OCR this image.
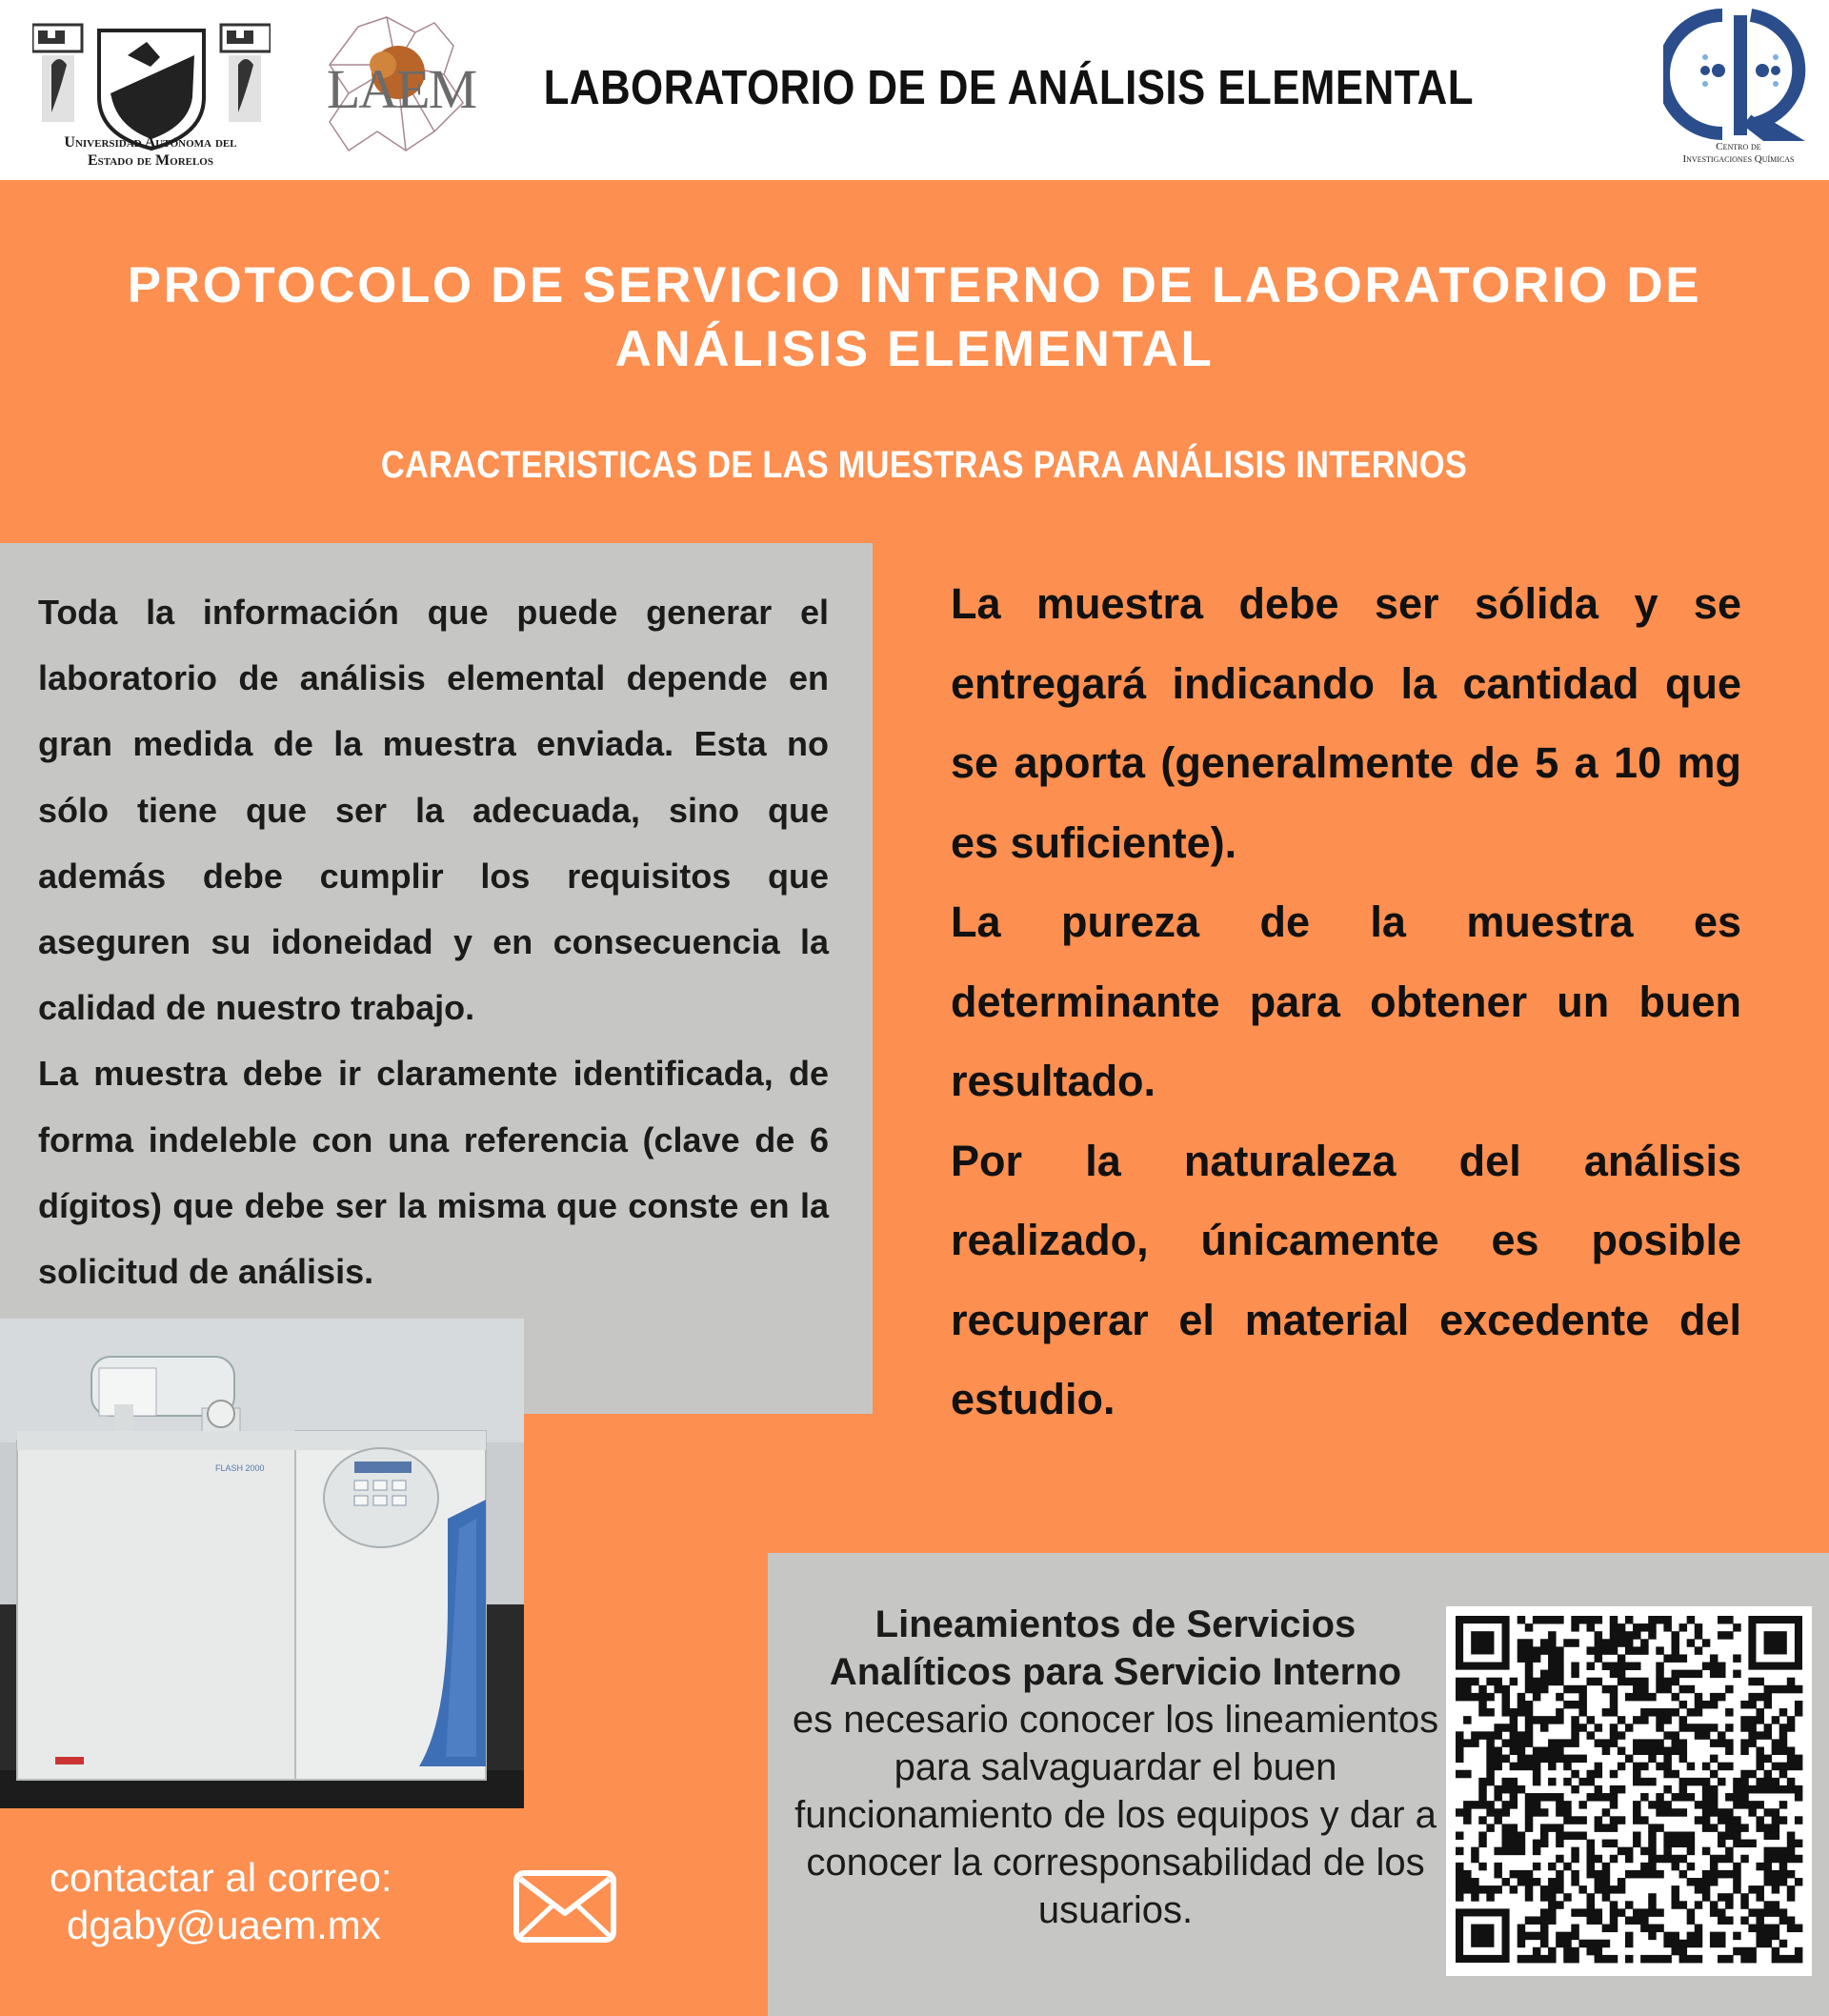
Universidad Autónoma del
Estado de Morelos
LAEM	LABORATORIO DE DE ANÁLISIS ELEMENTAL
Centro de
Investigaciones Químicas
PROTOCOLO DE SERVICIO INTERNO DE LABORATORIO DE
ANÁLISIS ELEMENTAL
CARACTERISTICAS DE LAS MUESTRAS PARA ANÁLISIS INTERNOS

Toda la información que puede generar el laboratorio de análisis elemental depende en gran medida de la muestra enviada. Esta no sólo tiene que ser la adecuada, sino que además debe cumplir los requisitos que aseguren su idoneidad y en consecuencia la calidad de nuestro trabajo.

La muestra debe ir claramente identificada, de forma indeleble con una referencia (clave de 6 dígitos) que debe ser la misma que conste en la solicitud de análisis.

La muestra debe ser sólida y se entregará indicando la cantidad que se aporta (generalmente de 5 a 10 mg es suficiente).

La pureza de la muestra es determinante para obtener un buen resultado.

Por la naturaleza del análisis realizado, únicamente es posible recuperar el material excedente del estudio.

FLASH 2000
contactar al correo:
dgaby@uaem.mx
Lineamientos de Servicios
Analíticos para Servicio Interno
es necesario conocer los lineamientos para salvaguardar el buen funcionamiento de los equipos y dar a conocer la corresponsabilidad de los usuarios.
